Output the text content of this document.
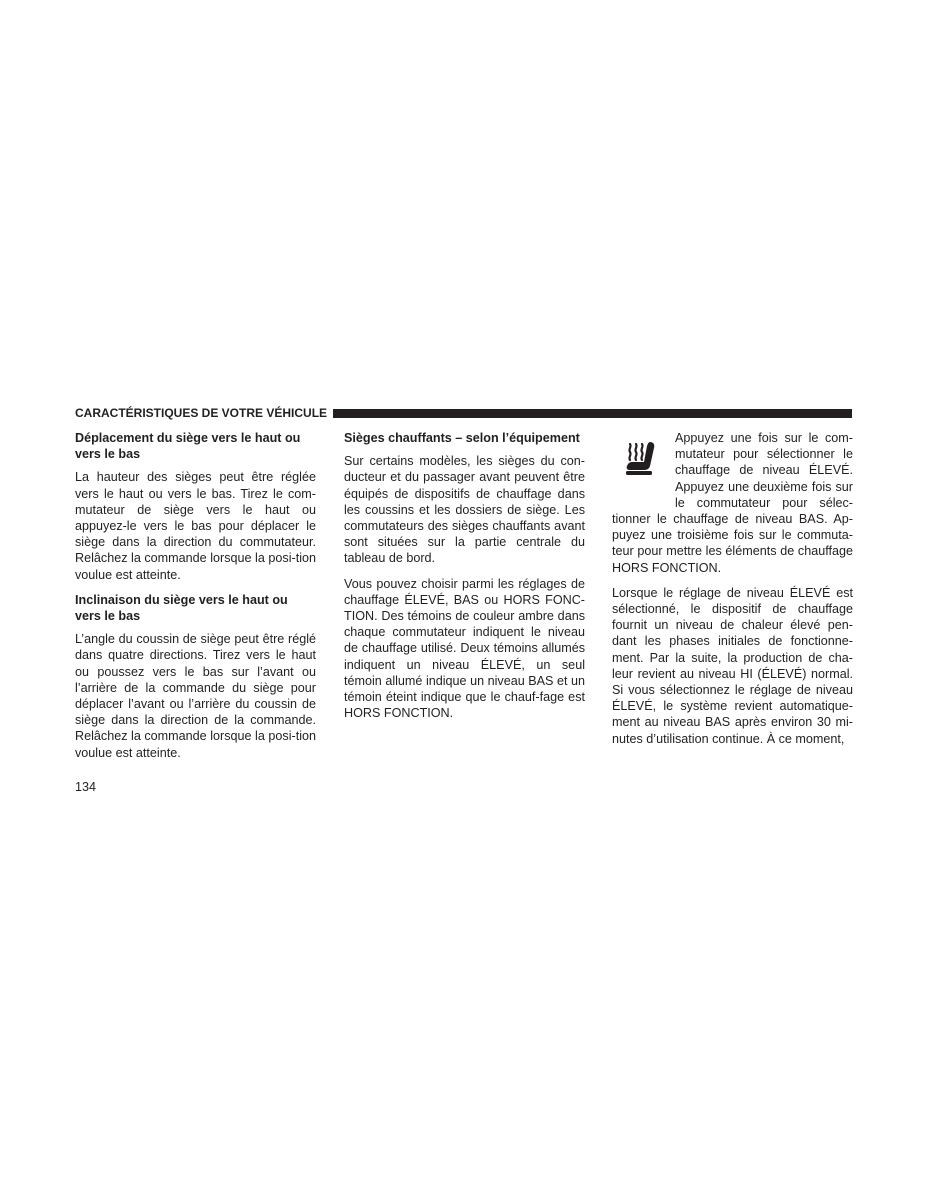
CARACTÉRISTIQUES DE VOTRE VÉHICULE
Déplacement du siège vers le haut ou vers le bas

La hauteur des sièges peut être réglée vers le haut ou vers le bas. Tirez le com-mutateur de siège vers le haut ou appuyez-le vers le bas pour déplacer le siège dans la direction du commutateur. Relâchez la commande lorsque la posi-tion voulue est atteinte.

Inclinaison du siège vers le haut ou vers le bas

L’angle du coussin de siège peut être réglé dans quatre directions. Tirez vers le haut ou poussez vers le bas sur l’avant ou l’arrière de la commande du siège pour déplacer l’avant ou l’arrière du coussin de siège dans la direction de la commande. Relâchez la commande lorsque la posi-tion voulue est atteinte.

Sièges chauffants – selon l’équipement

Sur certains modèles, les sièges du con-ducteur et du passager avant peuvent être équipés de dispositifs de chauffage dans les coussins et les dossiers de siège. Les commutateurs des sièges chauffants avant sont situées sur la partie centrale du tableau de bord.

Vous pouvez choisir parmi les réglages de chauffage ÉLEVÉ, BAS ou HORS FONC-TION. Des témoins de couleur ambre dans chaque commutateur indiquent le niveau de chauffage utilisé. Deux témoins allumés indiquent un niveau ÉLEVÉ, un seul témoin allumé indique un niveau BAS et un témoin éteint indique que le chauf-fage est HORS FONCTION.

Appuyez une fois sur le com-mutateur pour sélectionner le chauffage de niveau ÉLEVÉ. Appuyez une deuxième fois sur le commutateur pour sélec-tionner le chauffage de niveau BAS. Ap-puyez une troisième fois sur le commuta-teur pour mettre les éléments de chauffage HORS FONCTION.

Lorsque le réglage de niveau ÉLEVÉ est sélectionné, le dispositif de chauffage fournit un niveau de chaleur élevé pen-dant les phases initiales de fonctionne-ment. Par la suite, la production de cha-leur revient au niveau HI (ÉLEVÉ) normal. Si vous sélectionnez le réglage de niveau ÉLEVÉ, le système revient automatique-ment au niveau BAS après environ 30 mi-nutes d’utilisation continue. À ce moment,

134
